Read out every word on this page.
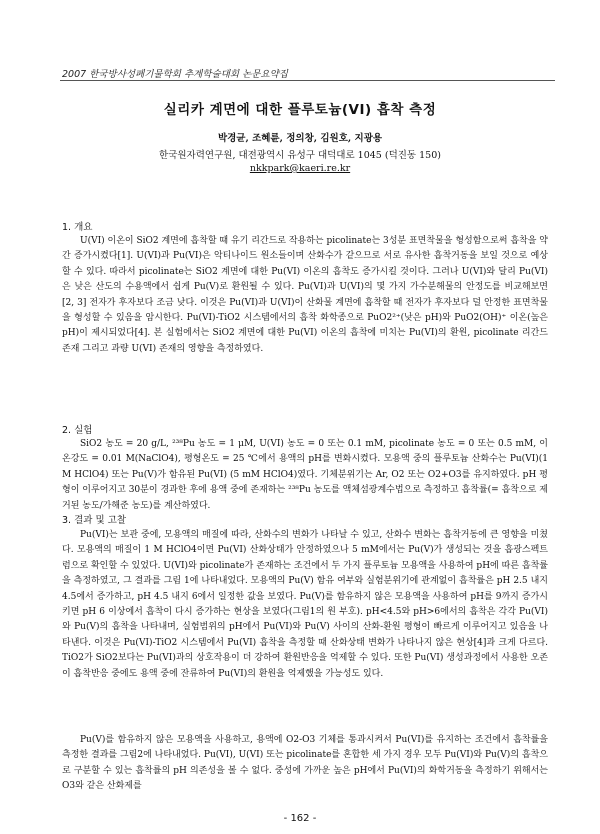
2007 한국방사성폐기물학회 추계학술대회 논문요약집
실리카 계면에 대한 플루토늄(VI) 흡착 측정
박경균, 조혜륜, 정의창, 김원호, 지광용
한국원자력연구원, 대전광역시 유성구 대덕대로 1045 (덕진동 150)
nkkpark@kaeri.re.kr
1. 개요

U(VI) 이온이 SiO2 계면에 흡착할 때 유기 리간드로 작용하는 picolinate는 3성분 표면착물을 형성함으로써 흡착을 약간 증가시켰다[1]. U(VI)과 Pu(VI)은 악티나이드 원소들이며 산화수가 같으므로 서로 유사한 흡착거동을 보일 것으로 예상할 수 있다. 따라서 picolinate는 SiO2 계면에 대한 Pu(VI) 이온의 흡착도 증가시킬 것이다. 그러나 U(VI)와 달리 Pu(VI)은 낮은 산도의 수용액에서 쉽게 Pu(V)로 환원될 수 있다. Pu(VI)과 U(VI)의 몇 가지 가수분해물의 안정도를 비교해보면 [2, 3] 전자가 후자보다 조금 낮다. 이것은 Pu(VI)과 U(VI)이 산화물 계면에 흡착할 때 전자가 후자보다 덜 안정한 표면착물을 형성할 수 있음을 암시한다. Pu(VI)-TiO2 시스템에서의 흡착 화학종으로 PuO2²⁺(낮은 pH)와 PuO2(OH)⁺ 이온(높은 pH)이 제시되었다[4]. 본 실험에서는 SiO2 계면에 대한 Pu(VI) 이온의 흡착에 미치는 Pu(VI)의 환원, picolinate 리간드 존재 그리고 과량 U(VI) 존재의 영향을 측정하였다.

2. 실험

SiO2 농도 = 20 g/L, ²³⁸Pu 농도 = 1 μM, U(VI) 농도 = 0 또는 0.1 mM, picolinate 농도 = 0 또는 0.5 mM, 이온강도 = 0.01 M(NaClO4), 평형온도 = 25 ℃에서 용액의 pH를 변화시켰다. 모용액 중의 플루토늄 산화수는 Pu(VI)(1 M HClO4) 또는 Pu(V)가 함유된 Pu(VI) (5 mM HClO4)였다. 기체분위기는 Ar, O2 또는 O2+O3를 유지하였다. pH 평형이 이루어지고 30분이 경과한 후에 용액 중에 존재하는 ²³⁸Pu 농도를 액체섬광계수법으로 측정하고 흡착률(= 흡착으로 제거된 농도/가해준 농도)를 계산하였다.

3. 결과 및 고찰

Pu(VI)는 보관 중에, 모용액의 매질에 따라, 산화수의 변화가 나타날 수 있고, 산화수 변화는 흡착거동에 큰 영향을 미쳤다. 모용액의 매질이 1 M HClO4이면 Pu(VI) 산화상태가 안정하였으나 5 mM에서는 Pu(V)가 생성되는 것을 흡광스펙트럼으로 확인할 수 있었다. U(VI)와 picolinate가 존재하는 조건에서 두 가지 플루토늄 모용액을 사용하여 pH에 따른 흡착률을 측정하였고, 그 결과를 그림 1에 나타내었다. 모용액의 Pu(V) 함유 여부와 실험분위기에 관계없이 흡착률은 pH 2.5 내지 4.5에서 증가하고, pH 4.5 내지 6에서 일정한 값을 보였다. Pu(V)를 함유하지 않은 모용액을 사용하여 pH를 9까지 증가시키면 pH 6 이상에서 흡착이 다시 증가하는 현상을 보였다(그림1의 원 부호). pH<4.5와 pH>6에서의 흡착은 각각 Pu(VI)와 Pu(V)의 흡착을 나타내며, 실험범위의 pH에서 Pu(VI)와 Pu(V) 사이의 산화-환원 평형이 빠르게 이루어지고 있음을 나타낸다. 이것은 Pu(VI)-TiO2 시스템에서 Pu(VI) 흡착을 측정할 때 산화상태 변화가 나타나지 않은 현상[4]과 크게 다르다. TiO2가 SiO2보다는 Pu(VI)과의 상호작용이 더 강하여 환원반응을 억제할 수 있다. 또한 Pu(VI) 생성과정에서 사용한 오존이 흡착반응 중에도 용액 중에 잔류하여 Pu(VI)의 환원을 억제했을 가능성도 있다.

Pu(V)를 함유하지 않은 모용액을 사용하고, 용액에 O2-O3 기체를 통과시켜서 Pu(VI)를 유지하는 조건에서 흡착률을 측정한 결과를 그림2에 나타내었다. Pu(VI), U(VI) 또는 picolinate를 혼합한 세 가지 경우 모두 Pu(VI)와 Pu(V)의 흡착으로 구분할 수 있는 흡착률의 pH 의존성을 볼 수 없다. 중성에 가까운 높은 pH에서 Pu(VI)의 화학거동을 측정하기 위해서는 O3와 같은 산화제를

- 162 -
